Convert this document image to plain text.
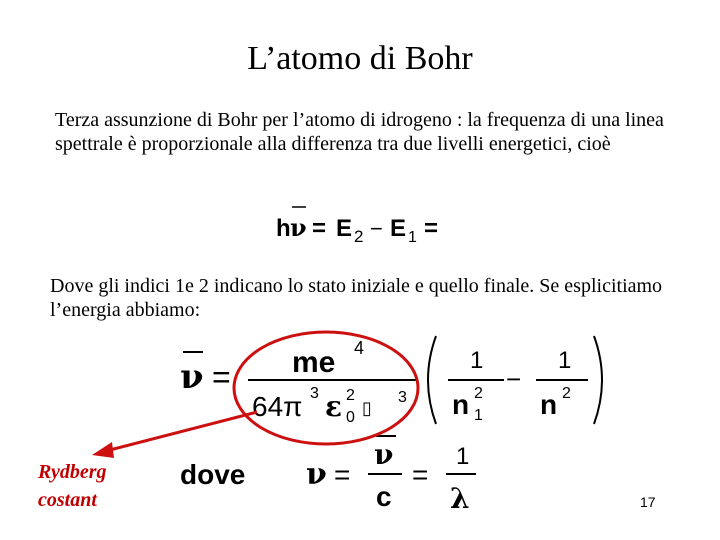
L’atomo di Bohr
Terza assunzione di Bohr per l’atomo di idrogeno : la frequenza di una linea spettrale è proporzionale alla differenza tra due livelli energetici, cioè
h ν = E 2 − E 1 =
Dove gli indici 1e 2 indicano lo stato iniziale e quello finale. Se esplicitiamo l’energia abbiamo:
ν = me 4
64π 3 ε 2
0 ▯
3
1
n 2
1
−
1
n 2
dove ν =
ν
c
=
1
λ
Rydberg
costant	17
